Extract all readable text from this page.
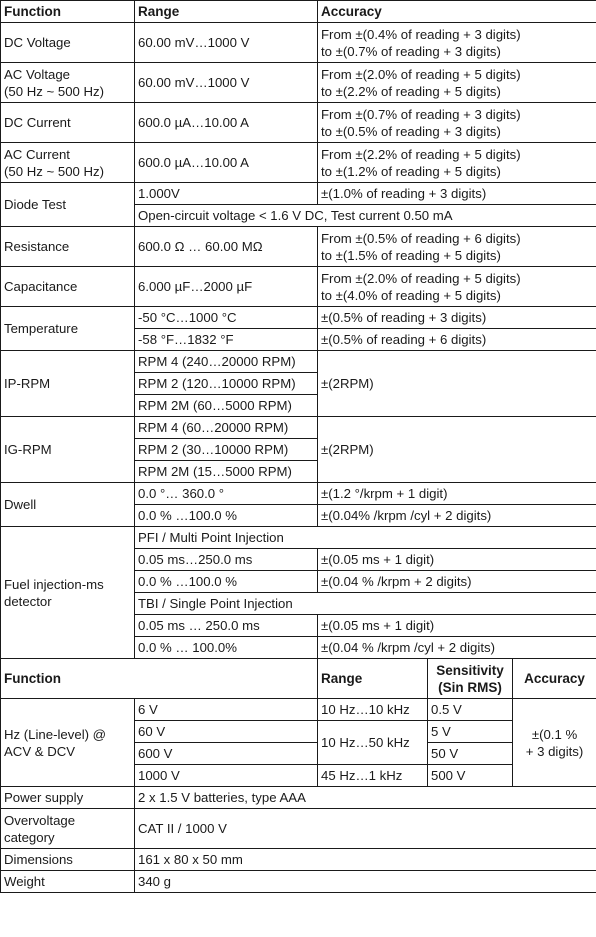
Function	Range	Accuracy		
DC Voltage	60.00 mV…1000 V	From ±(0.4% of reading + 3 digits)
to ±(0.7% of reading + 3 digits)		
AC Voltage
(50 Hz ~ 500 Hz)	60.00 mV…1000 V	From ±(2.0% of reading + 5 digits)
to ±(2.2% of reading + 5 digits)		
DC Current	600.0 µA…10.00 A	From ±(0.7% of reading + 3 digits)
to ±(0.5% of reading + 3 digits)		
AC Current
(50 Hz ~ 500 Hz)	600.0 µA…10.00 A	From ±(2.2% of reading + 5 digits)
to ±(1.2% of reading + 5 digits)		
Diode Test	1.000V	±(1.0% of reading + 3 digits)		
	Open-circuit voltage < 1.6 V DC, Test current 0.50 mA			
Resistance	600.0 Ω … 60.00 MΩ	From ±(0.5% of reading + 6 digits)
to ±(1.5% of reading + 5 digits)		
Capacitance	6.000 µF…2000 µF	From ±(2.0% of reading + 5 digits)
to ±(4.0% of reading + 5 digits)		
Temperature	-50 °C…1000 °C	±(0.5% of reading + 3 digits)		
	-58 °F…1832 °F	±(0.5% of reading + 6 digits)		
IP-RPM	RPM 4 (240…20000 RPM)	±(2RPM)		
	RPM 2 (120…10000 RPM)			
	RPM 2M (60…5000 RPM)			
IG-RPM	RPM 4 (60…20000 RPM)	±(2RPM)		
	RPM 2 (30…10000 RPM)			
	RPM 2M (15…5000 RPM)			
Dwell	0.0 °… 360.0 °	±(1.2 °/krpm + 1 digit)		
	0.0 % …100.0 %	±(0.04% /krpm /cyl + 2 digits)		
Fuel injection-ms
detector	PFI / Multi Point Injection			
	0.05 ms…250.0 ms	±(0.05 ms + 1 digit)		
	0.0 % …100.0 %	±(0.04 % /krpm + 2 digits)		
	TBI / Single Point Injection			
	0.05 ms … 250.0 ms	±(0.05 ms + 1 digit)		
	0.0 % … 100.0%	±(0.04 % /krpm /cyl + 2 digits)		
Function		Range	Sensitivity
(Sin RMS)	Accuracy
Hz (Line-level) @
ACV & DCV	6 V	10 Hz…10 kHz	0.5 V	±(0.1 %
+ 3 digits)
	60 V	10 Hz…50 kHz	5 V	
	600 V		50 V	
	1000 V	45 Hz…1 kHz	500 V	
Power supply	2 x 1.5 V batteries, type AAA			
Overvoltage
category	CAT II / 1000 V			
Dimensions	161 x 80 x 50 mm			
Weight	340 g			
